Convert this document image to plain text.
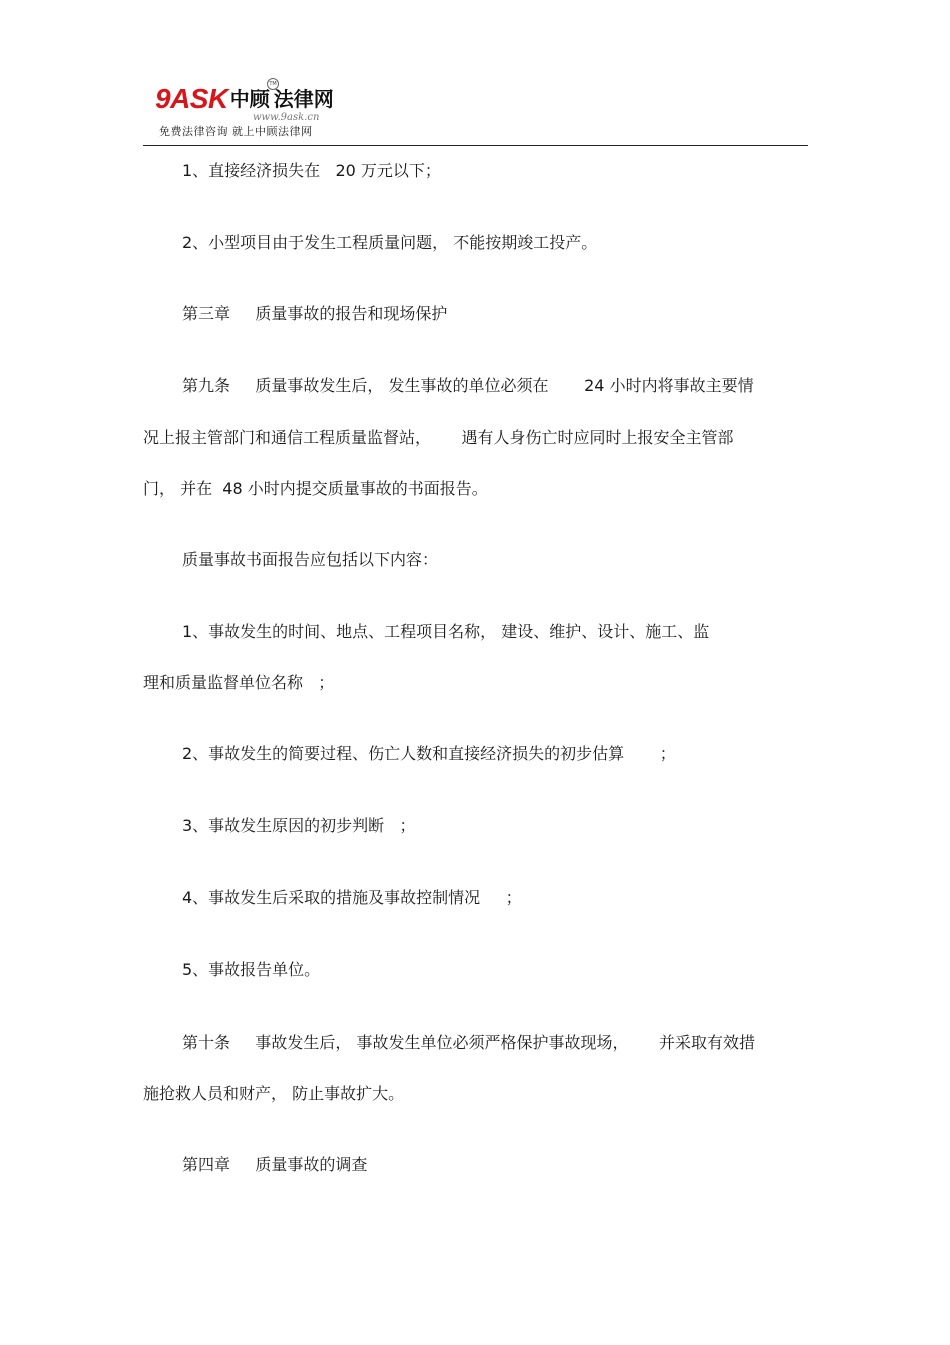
9ASK 中顾 法律网
TM
www.9ask.cn
免费法律咨询 就上中顾法律网
1、直接经济损失在   20 万元以下；
2、小型项目由于发生工程质量问题， 不能按期竣工投产。
第三章     质量事故的报告和现场保护
第九条     质量事故发生后， 发生事故的单位必须在       24 小时内将事故主要情
况上报主管部门和通信工程质量监督站，      遇有人身伤亡时应同时上报安全主管部
门， 并在  48 小时内提交质量事故的书面报告。
质量事故书面报告应包括以下内容：
1、事故发生的时间、地点、工程项目名称， 建设、维护、设计、施工、监
理和质量监督单位名称   ；
2、事故发生的简要过程、伤亡人数和直接经济损失的初步估算       ；
3、事故发生原因的初步判断   ；
4、事故发生后采取的措施及事故控制情况     ；
5、事故报告单位。
第十条     事故发生后， 事故发生单位必须严格保护事故现场，      并采取有效措
施抢救人员和财产， 防止事故扩大。
第四章     质量事故的调查
